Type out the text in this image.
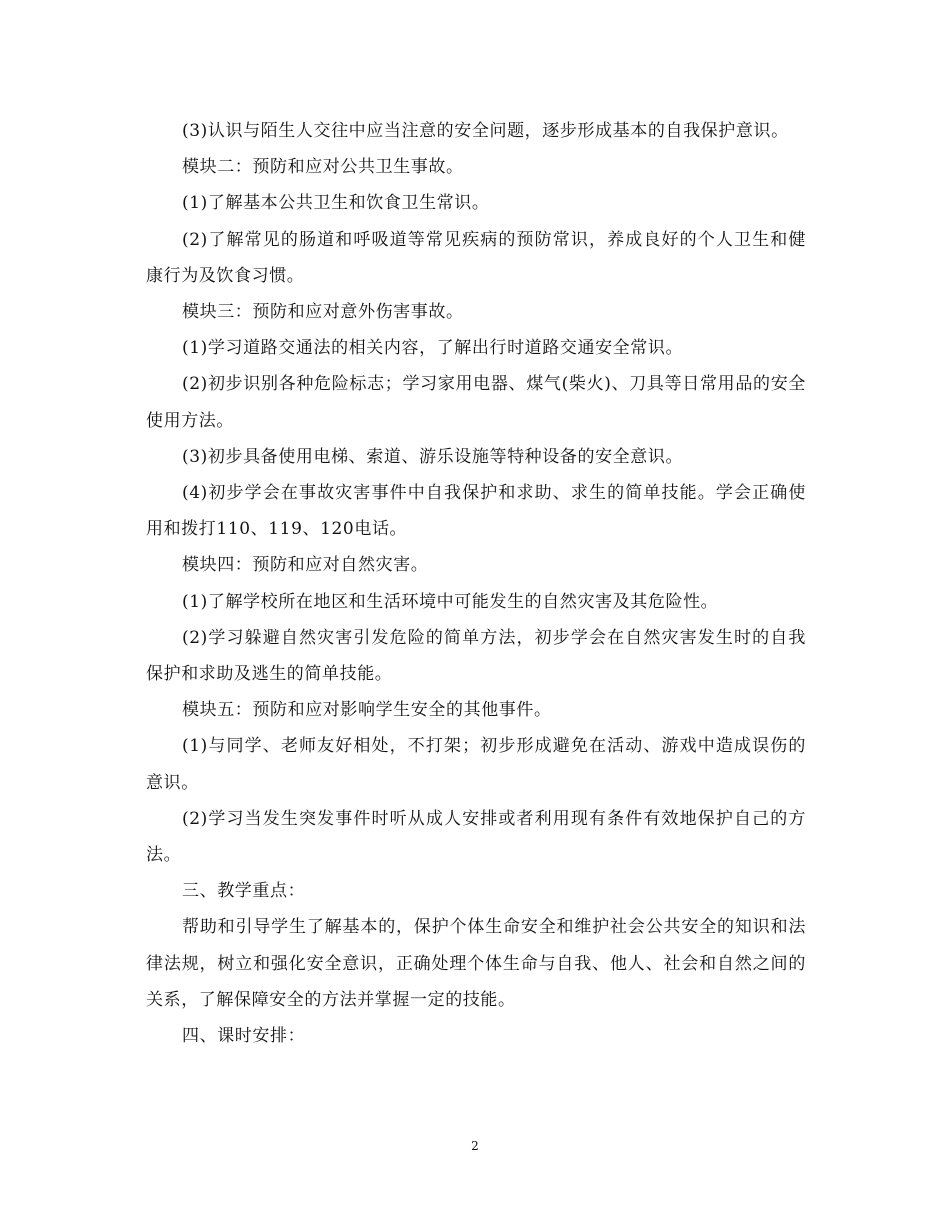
(3)认识与陌生人交往中应当注意的安全问题，逐步形成基本的自我保护意识。

模块二：预防和应对公共卫生事故。

(1)了解基本公共卫生和饮食卫生常识。

(2)了解常见的肠道和呼吸道等常见疾病的预防常识，养成良好的个人卫生和健康行为及饮食习惯。

模块三：预防和应对意外伤害事故。

(1)学习道路交通法的相关内容，了解出行时道路交通安全常识。

(2)初步识别各种危险标志；学习家用电器、煤气(柴火)、刀具等日常用品的安全使用方法。

(3)初步具备使用电梯、索道、游乐设施等特种设备的安全意识。

(4)初步学会在事故灾害事件中自我保护和求助、求生的简单技能。学会正确使用和拨打110、119、120电话。

模块四：预防和应对自然灾害。

(1)了解学校所在地区和生活环境中可能发生的自然灾害及其危险性。

(2)学习躲避自然灾害引发危险的简单方法，初步学会在自然灾害发生时的自我保护和求助及逃生的简单技能。

模块五：预防和应对影响学生安全的其他事件。

(1)与同学、老师友好相处，不打架；初步形成避免在活动、游戏中造成误伤的意识。

(2)学习当发生突发事件时听从成人安排或者利用现有条件有效地保护自己的方法。

三、教学重点：

帮助和引导学生了解基本的，保护个体生命安全和维护社会公共安全的知识和法律法规，树立和强化安全意识，正确处理个体生命与自我、他人、社会和自然之间的关系，了解保障安全的方法并掌握一定的技能。

四、课时安排：

2
